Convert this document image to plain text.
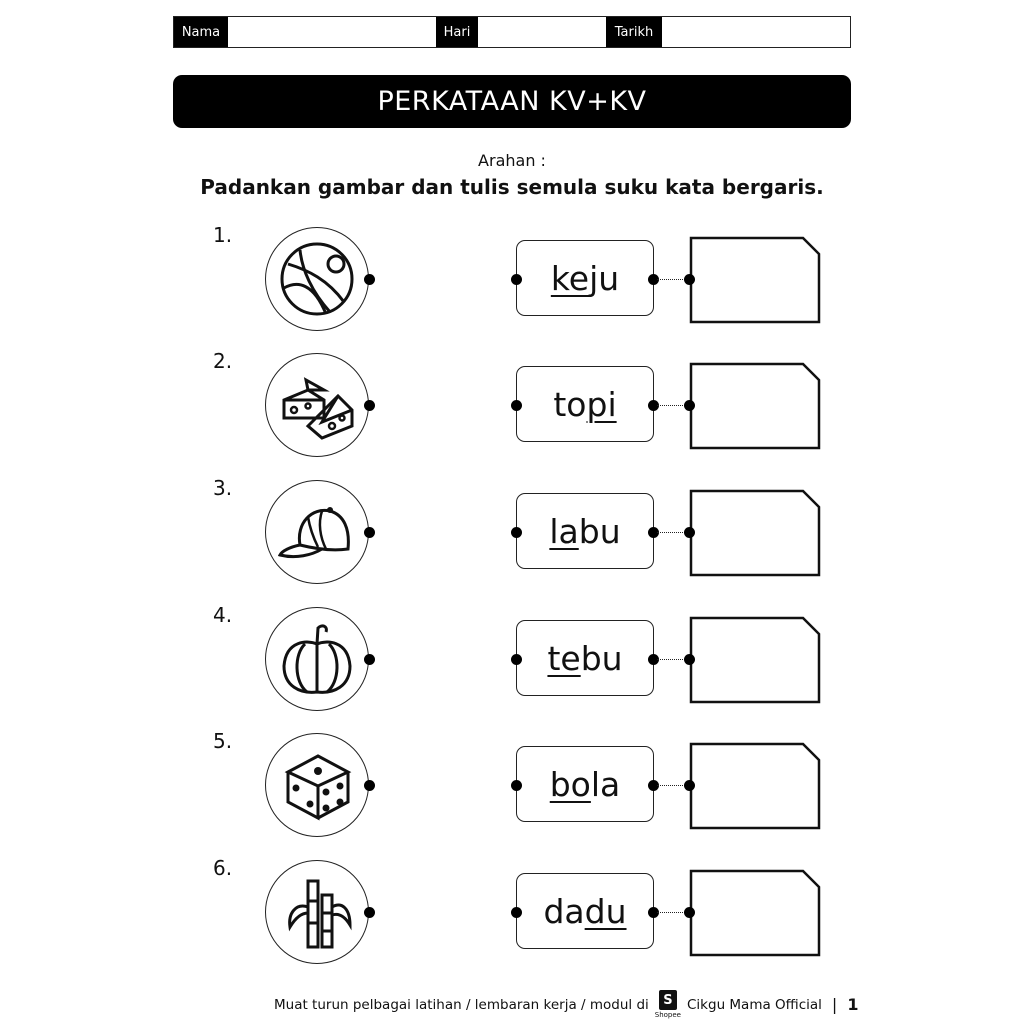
Nama	Hari	Tarikh
PERKATAAN KV+KV
Arahan :
Padankan gambar dan tulis semula suku kata bergaris.
1.
ke ju
2.
to pi
3.
la bu
4.
te bu
5.
bo la
6.
da du
Muat turun pelbagai latihan / lembaran kerja / modul di	S
Shopee
Cikgu Mama Official | 1
